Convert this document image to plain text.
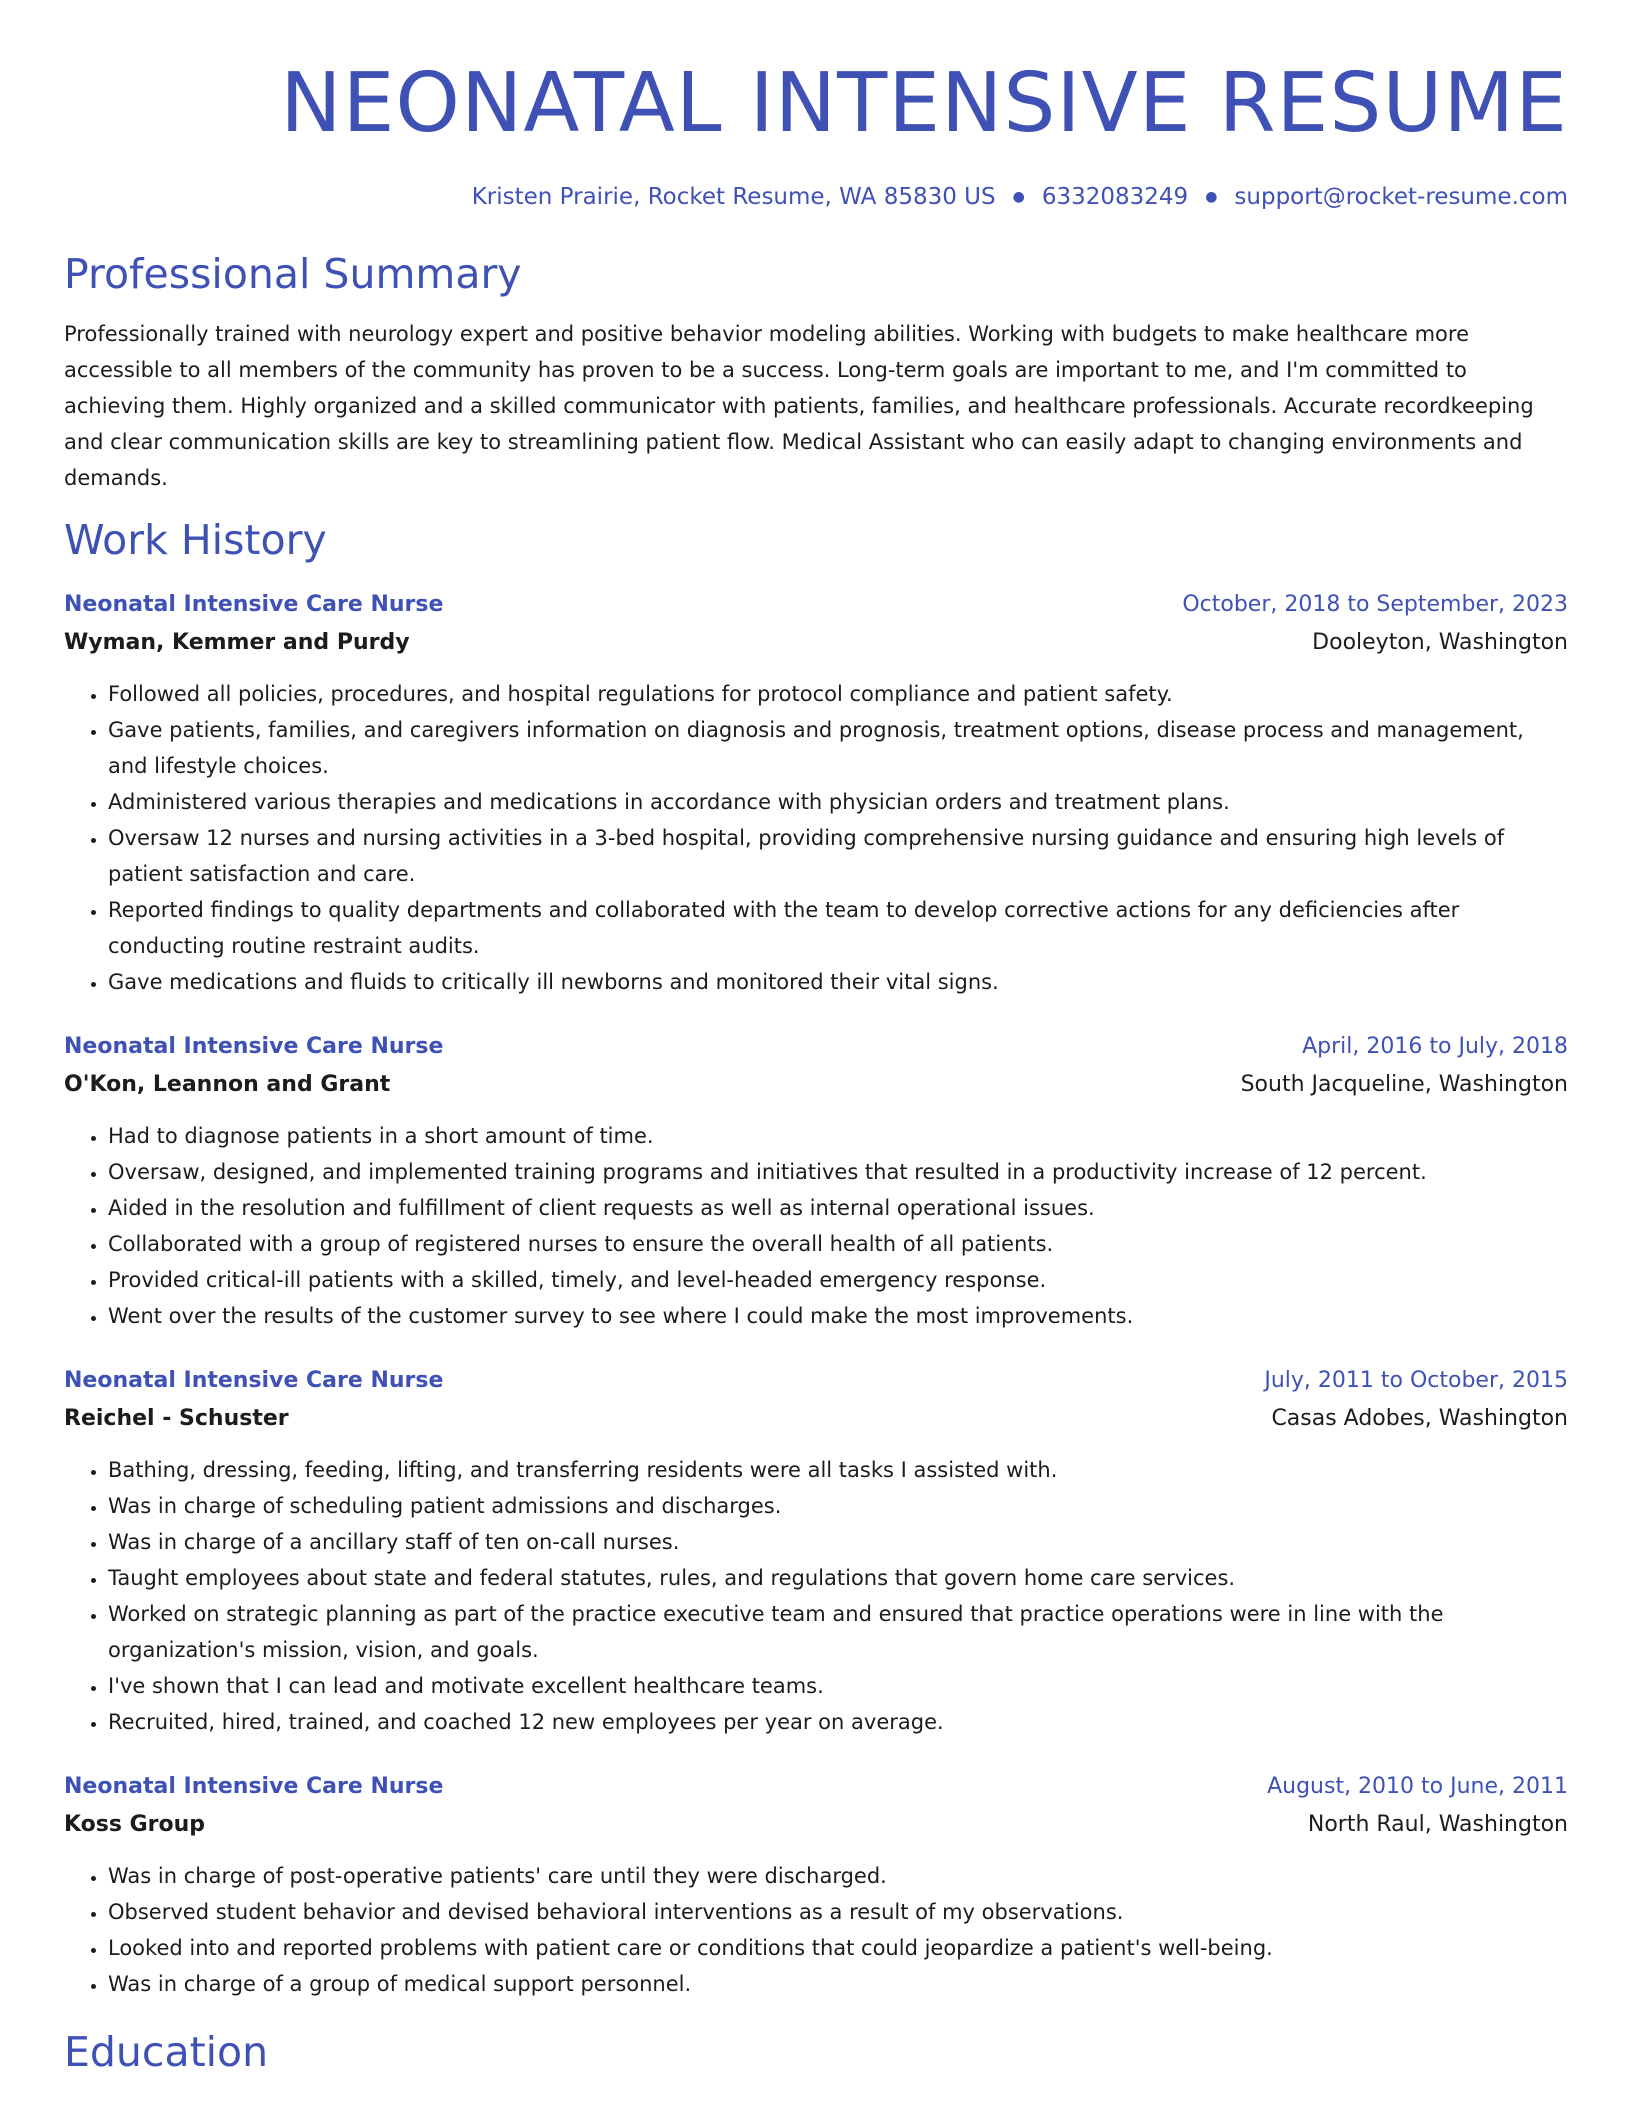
NEONATAL INTENSIVE RESUME
Kristen Prairie, Rocket Resume, WA 85830 US ● 6332083249 ● support@rocket-resume.com
Professional Summary

Professionally trained with neurology expert and positive behavior modeling abilities. Working with budgets to make healthcare more accessible to all members of the community has proven to be a success. Long-term goals are important to me, and I'm committed to achieving them. Highly organized and a skilled communicator with patients, families, and healthcare professionals. Accurate recordkeeping and clear communication skills are key to streamlining patient flow. Medical Assistant who can easily adapt to changing environments and demands.

Work History
Neonatal Intensive Care Nurse	October, 2018 to September, 2023
Wyman, Kemmer and Purdy	Dooleyton, Washington
• Followed all policies, procedures, and hospital regulations for protocol compliance and patient safety.
• Gave patients, families, and caregivers information on diagnosis and prognosis, treatment options, disease process and management, and lifestyle choices.
• Administered various therapies and medications in accordance with physician orders and treatment plans.
• Oversaw 12 nurses and nursing activities in a 3-bed hospital, providing comprehensive nursing guidance and ensuring high levels of patient satisfaction and care.
• Reported findings to quality departments and collaborated with the team to develop corrective actions for any deficiencies after conducting routine restraint audits.
• Gave medications and fluids to critically ill newborns and monitored their vital signs.
Neonatal Intensive Care Nurse	April, 2016 to July, 2018
O'Kon, Leannon and Grant	South Jacqueline, Washington
• Had to diagnose patients in a short amount of time.
• Oversaw, designed, and implemented training programs and initiatives that resulted in a productivity increase of 12 percent.
• Aided in the resolution and fulfillment of client requests as well as internal operational issues.
• Collaborated with a group of registered nurses to ensure the overall health of all patients.
• Provided critical-ill patients with a skilled, timely, and level-headed emergency response.
• Went over the results of the customer survey to see where I could make the most improvements.
Neonatal Intensive Care Nurse	July, 2011 to October, 2015
Reichel - Schuster	Casas Adobes, Washington
• Bathing, dressing, feeding, lifting, and transferring residents were all tasks I assisted with.
• Was in charge of scheduling patient admissions and discharges.
• Was in charge of a ancillary staff of ten on-call nurses.
• Taught employees about state and federal statutes, rules, and regulations that govern home care services.
• Worked on strategic planning as part of the practice executive team and ensured that practice operations were in line with the organization's mission, vision, and goals.
• I've shown that I can lead and motivate excellent healthcare teams.
• Recruited, hired, trained, and coached 12 new employees per year on average.
Neonatal Intensive Care Nurse	August, 2010 to June, 2011
Koss Group	North Raul, Washington
• Was in charge of post-operative patients' care until they were discharged.
• Observed student behavior and devised behavioral interventions as a result of my observations.
• Looked into and reported problems with patient care or conditions that could jeopardize a patient's well-being.
• Was in charge of a group of medical support personnel.
Education
